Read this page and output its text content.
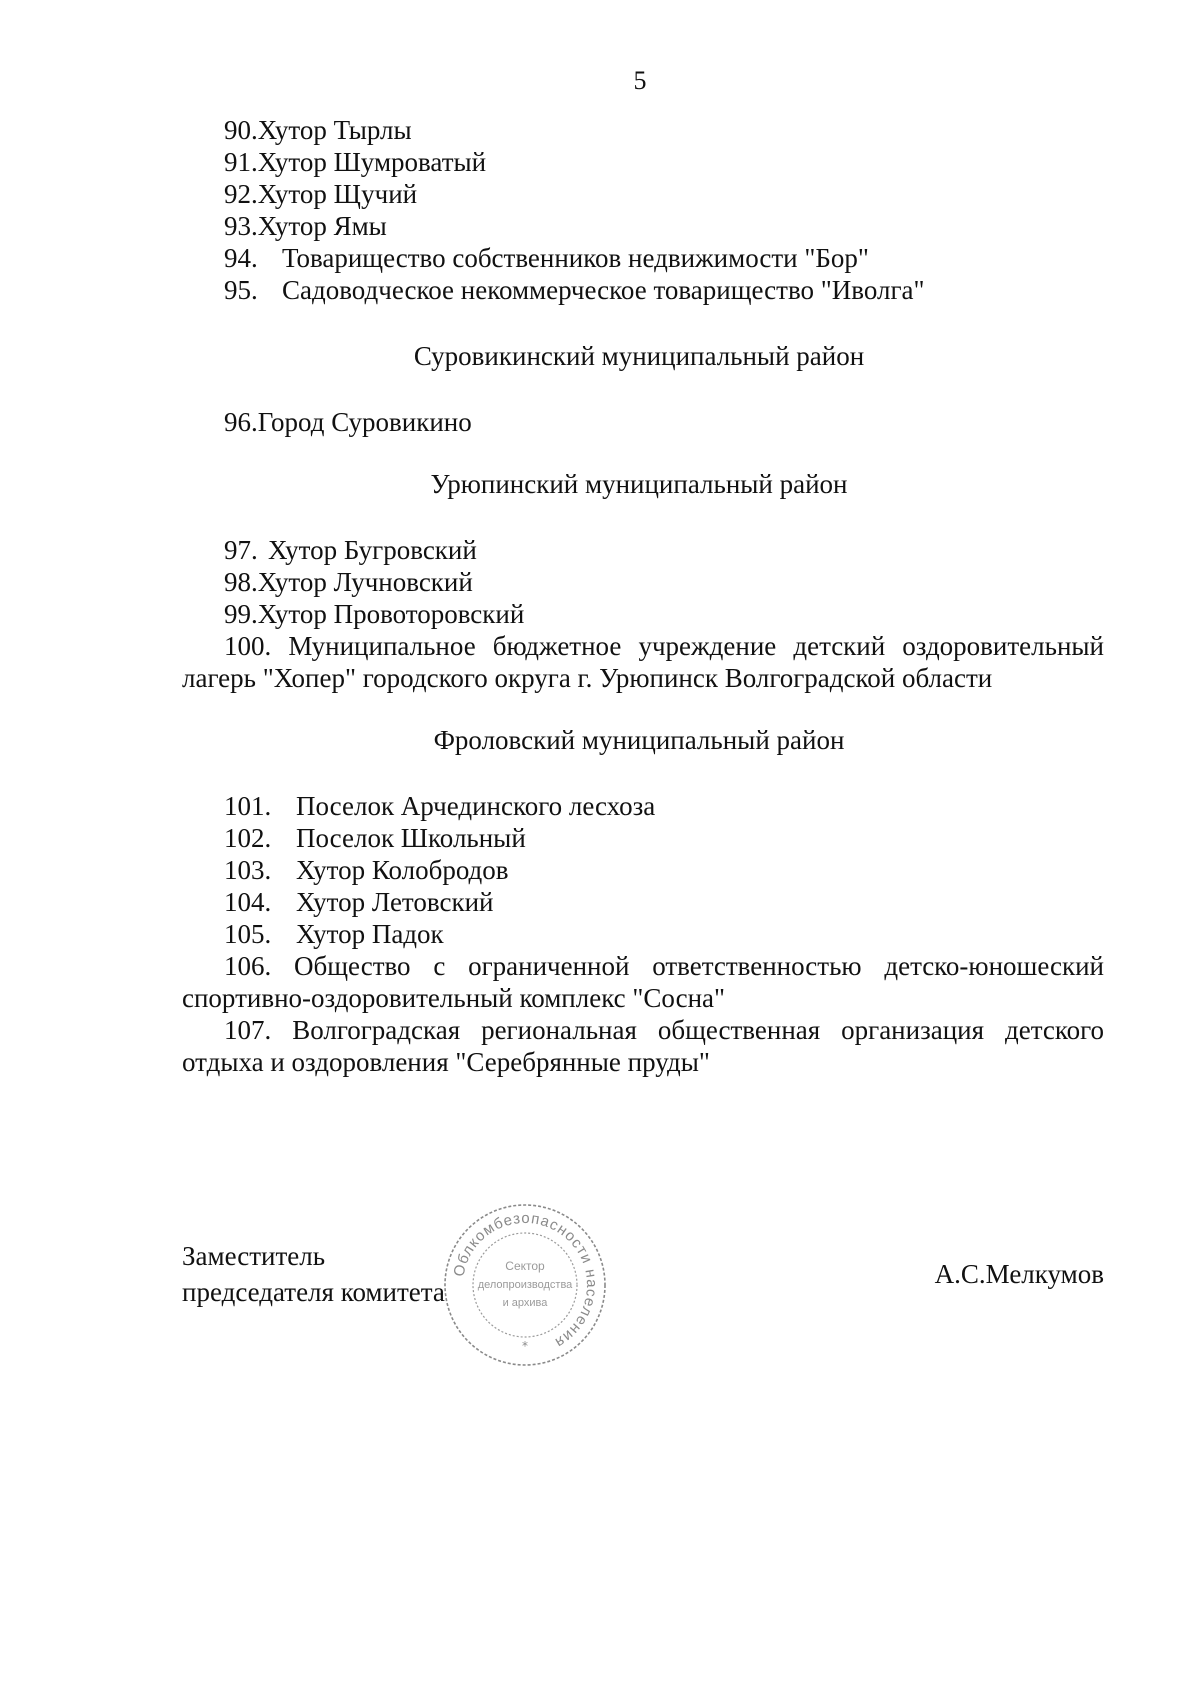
5
90.Хутор Тырлы
91.Хутор Шумроватый
92.Хутор Щучий
93.Хутор Ямы
94. Товарищество собственников недвижимости "Бор"
95. Садоводческое некоммерческое товарищество "Иволга"
Суровикинский муниципальный район
96.Город Суровикино
Урюпинский муниципальный район
97. Хутор Бугровский
98.Хутор Лучновский
99.Хутор Провоторовский
100. Муниципальное бюджетное учреждение детский оздоровительный
лагерь "Хопер" городского округа г. Урюпинск Волгоградской области
Фроловский муниципальный район
101. Поселок Арчединского лесхоза
102. Поселок Школьный
103. Хутор Колобродов
104. Хутор Летовский
105. Хутор Падок
106. Общество с ограниченной ответственностью детско-юношеский
спортивно-оздоровительный комплекс "Сосна"
107. Волгоградская региональная общественная организация детского
отдыха и оздоровления "Серебрянные пруды"
Заместитель
председателя комитета
А.С.Мелкумов
Облкомбезопасности населения
Сектор
делопроизводства
и архива
*
